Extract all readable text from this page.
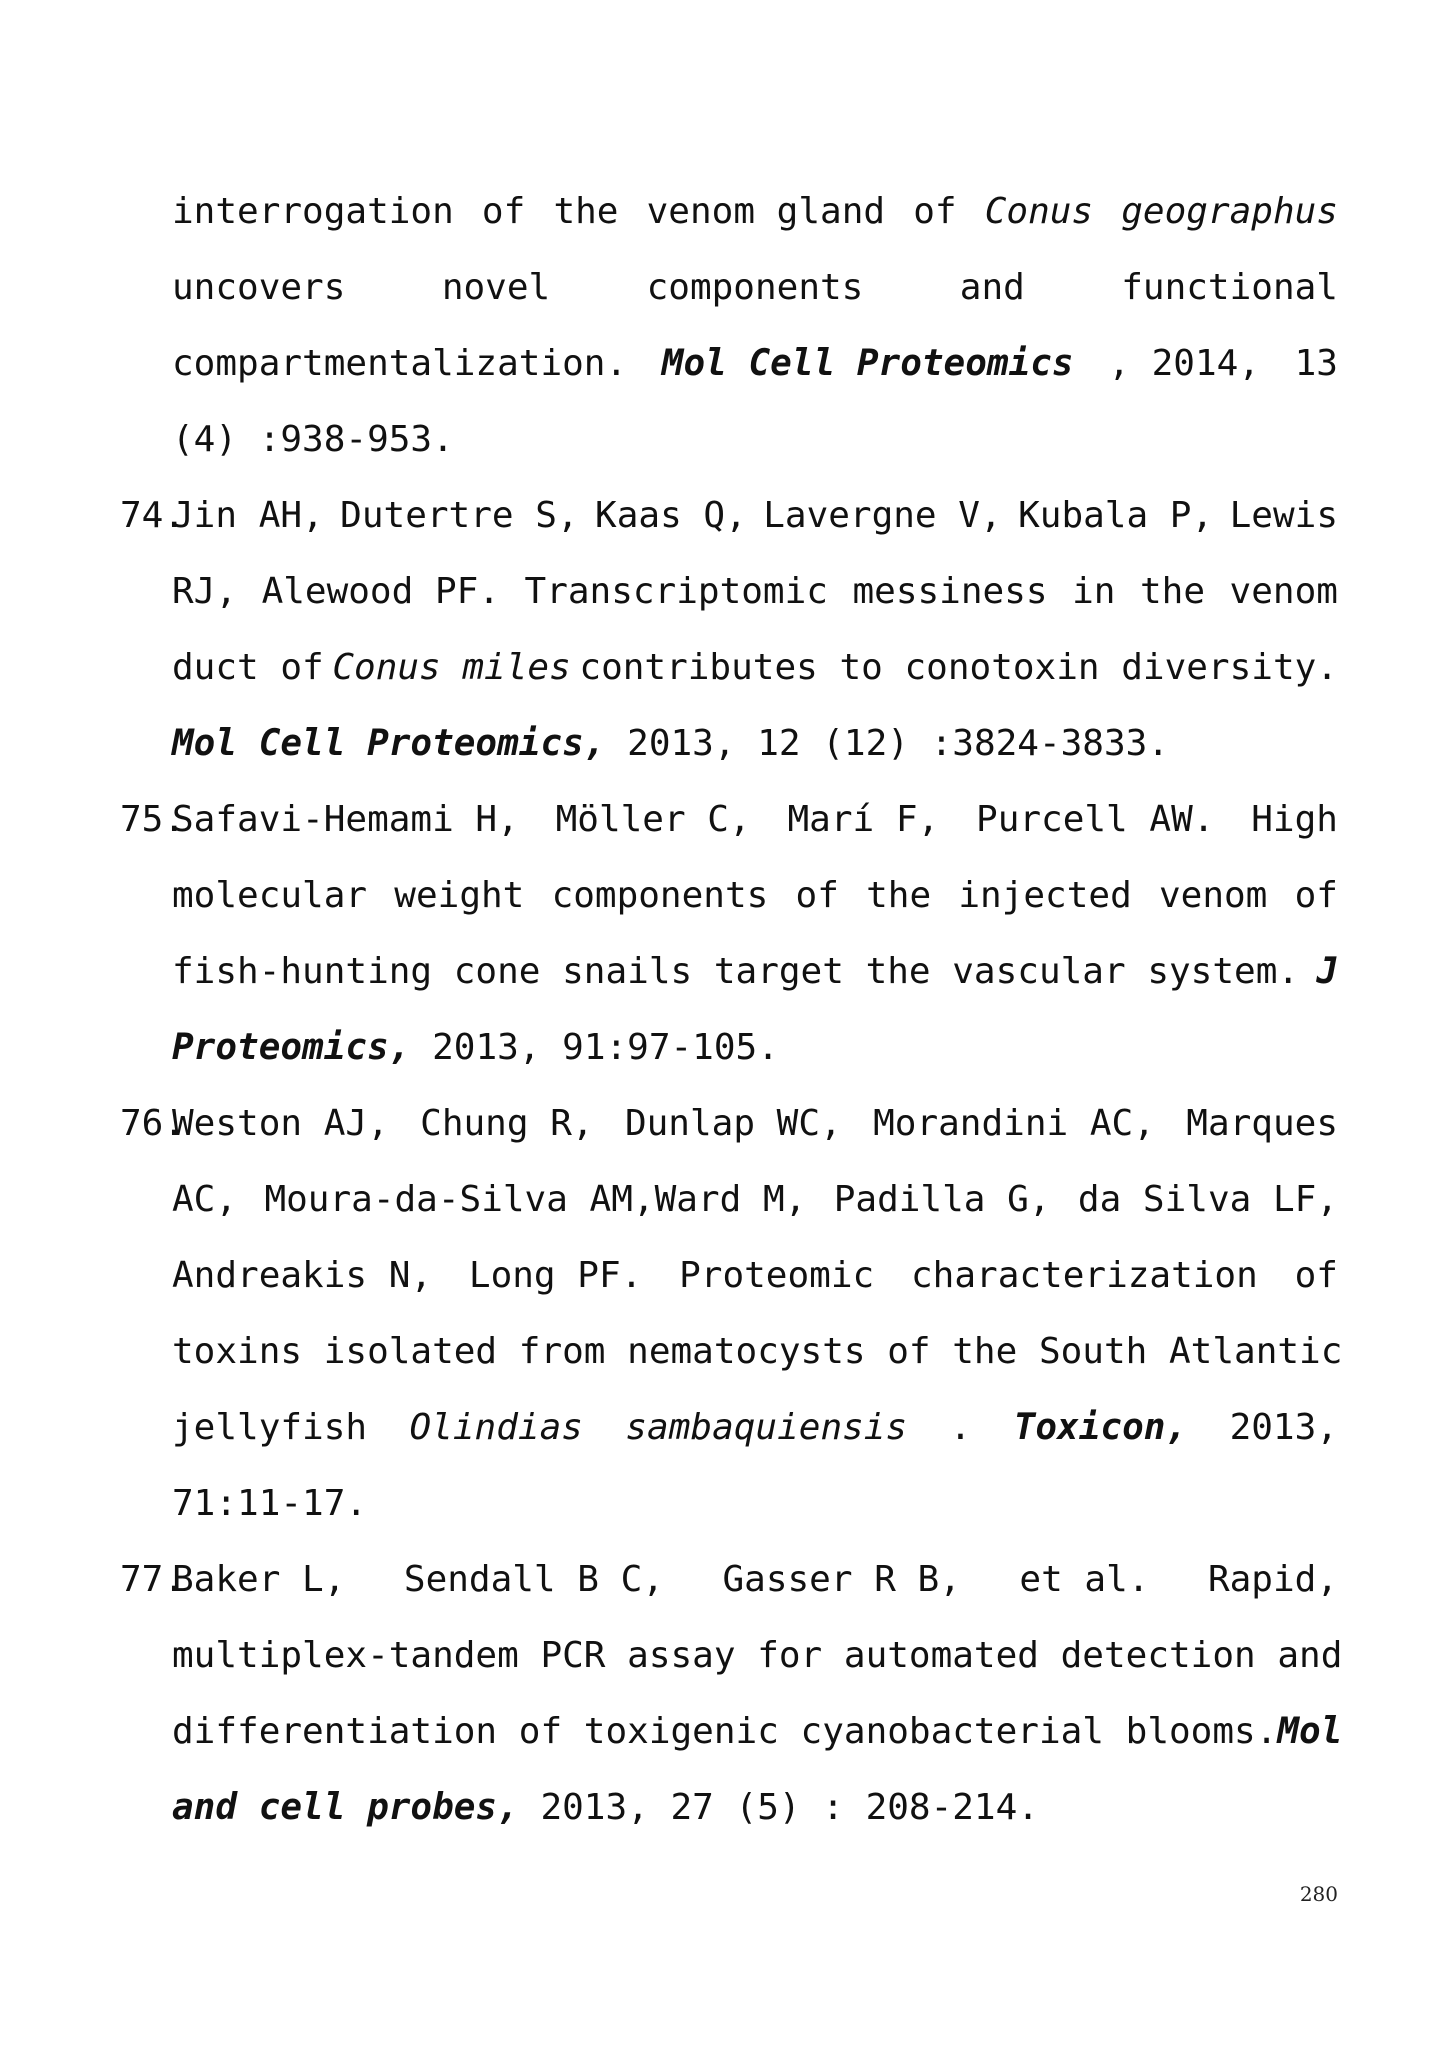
interrogation of the venom gland of Conus geographus
uncovers	novel	components	and	functional
compartmentalization. Mol Cell Proteomics , 2014, 13
(4) :938-953.
74.
Jin AH, Dutertre S, Kaas Q, Lavergne V, Kubala P, Lewis
RJ, Alewood PF. Transcriptomic messiness in the venom
duct of Conus miles contributes to conotoxin diversity.
Mol Cell Proteomics, 2013, 12 (12) :3824-3833.
75.
Safavi-Hemami H, Möller C, Marí F, Purcell AW. High
molecular weight components of the injected venom of
fish-hunting cone snails target the vascular system. J
Proteomics, 2013, 91:97-105.
76.
Weston AJ, Chung R, Dunlap WC, Morandini AC, Marques
AC, Moura-da-Silva AM,Ward M, Padilla G, da Silva LF,
Andreakis N, Long PF. Proteomic characterization of
toxins isolated from nematocysts of the South Atlantic
jellyfish Olindias sambaquiensis . Toxicon, 2013,
71:11-17.
77.
Baker L, Sendall B C, Gasser R B, et al. Rapid,
multiplex-tandem PCR assay for automated detection and
differentiation of toxigenic cyanobacterial blooms. Mol
and cell probes, 2013, 27 (5) : 208-214.
280
